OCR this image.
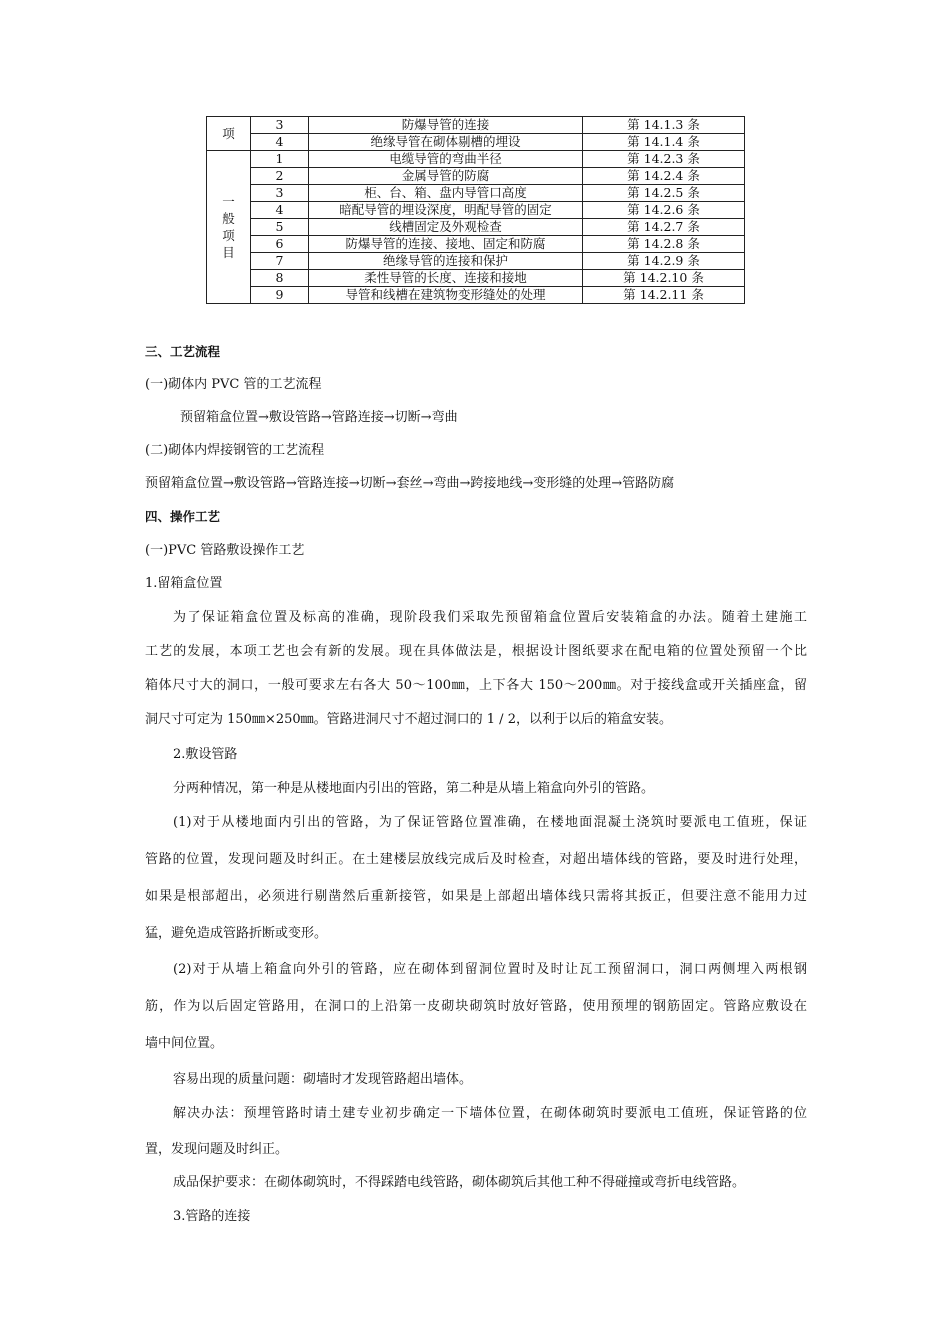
项	3	防爆导管的连接	第 14.1.3 条
	4	绝缘导管在砌体剔槽的埋设	第 14.1.4 条
一般项目	1	电缆导管的弯曲半径	第 14.2.3 条
	2	金属导管的防腐	第 14.2.4 条
	3	柜、台、箱、盘内导管口高度	第 14.2.5 条
	4	暗配导管的埋设深度，明配导管的固定	第 14.2.6 条
	5	线槽固定及外观检查	第 14.2.7 条
	6	防爆导管的连接、接地、固定和防腐	第 14.2.8 条
	7	绝缘导管的连接和保护	第 14.2.9 条
	8	柔性导管的长度、连接和接地	第 14.2.10 条
	9	导管和线槽在建筑物变形缝处的处理	第 14.2.11 条

三、工艺流程

(一)砌体内 PVC 管的工艺流程

预留箱盒位置→敷设管路→管路连接→切断→弯曲

(二)砌体内焊接钢管的工艺流程

预留箱盒位置→敷设管路→管路连接→切断→套丝→弯曲→跨接地线→变形缝的处理→管路防腐

四、操作工艺

(一)PVC 管路敷设操作工艺

1.留箱盒位置

为了保证箱盒位置及标高的准确，现阶段我们采取先预留箱盒位置后安装箱盒的办法。随着土建施工

工艺的发展，本项工艺也会有新的发展。现在具体做法是，根据设计图纸要求在配电箱的位置处预留一个比

箱体尺寸大的洞口，一般可要求左右各大 50～100㎜，上下各大 150～200㎜。对于接线盒或开关插座盒，留

洞尺寸可定为 150㎜×250㎜。管路进洞尺寸不超过洞口的 1 / 2，以利于以后的箱盒安装。

2.敷设管路

分两种情况，第一种是从楼地面内引出的管路，第二种是从墙上箱盒向外引的管路。

(1)对于从楼地面内引出的管路，为了保证管路位置准确，在楼地面混凝土浇筑时要派电工值班，保证

管路的位置，发现问题及时纠正。在土建楼层放线完成后及时检查，对超出墙体线的管路，要及时进行处理，

如果是根部超出，必须进行剔凿然后重新接管，如果是上部超出墙体线只需将其扳正，但要注意不能用力过

猛，避免造成管路折断或变形。

(2)对于从墙上箱盒向外引的管路，应在砌体到留洞位置时及时让瓦工预留洞口，洞口两侧埋入两根钢

筋，作为以后固定管路用，在洞口的上沿第一皮砌块砌筑时放好管路，使用预埋的钢筋固定。管路应敷设在

墙中间位置。

容易出现的质量问题：砌墙时才发现管路超出墙体。

解决办法：预埋管路时请土建专业初步确定一下墙体位置，在砌体砌筑时要派电工值班，保证管路的位

置，发现问题及时纠正。

成品保护要求：在砌体砌筑时，不得踩踏电线管路，砌体砌筑后其他工种不得碰撞或弯折电线管路。

3.管路的连接
